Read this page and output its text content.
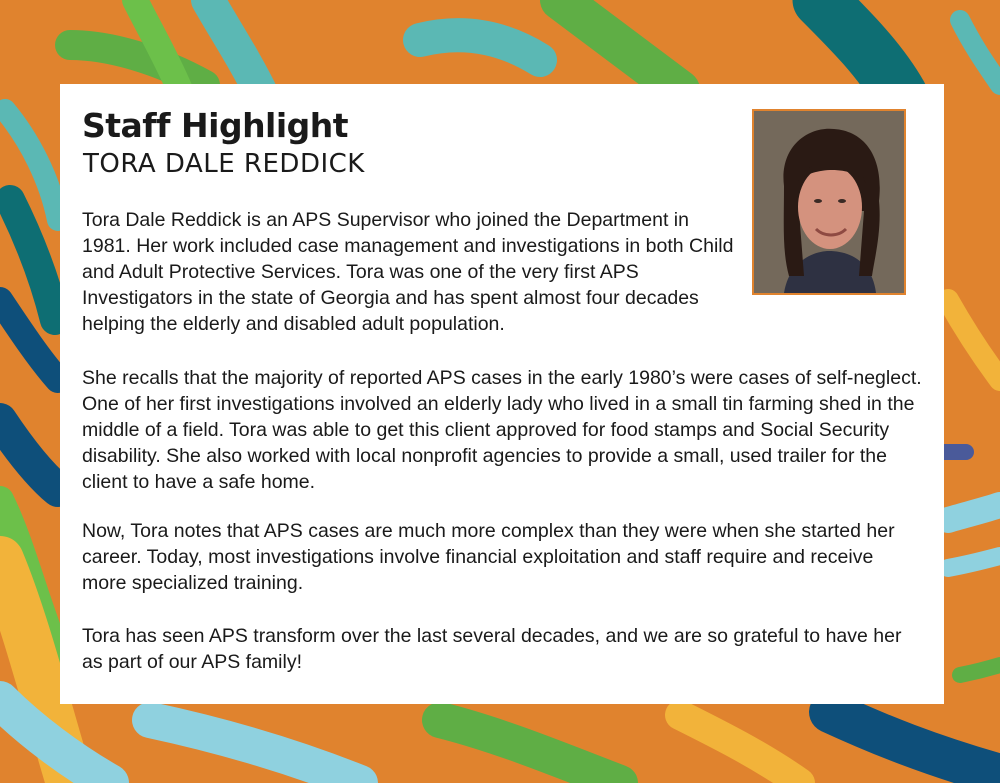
Staff Highlight
TORA DALE REDDICK

Tora Dale Reddick is an APS Supervisor who joined the Department in 1981. Her work included case management and investigations in both Child and Adult Protective Services. Tora was one of the very first APS Investigators in the state of Georgia and has spent almost four decades helping the elderly and disabled adult population.

She recalls that the majority of reported APS cases in the early 1980’s were cases of self-neglect. One of her first investigations involved an elderly lady who lived in a small tin farming shed in the middle of a field. Tora was able to get this client approved for food stamps and Social Security disability. She also worked with local nonprofit agencies to provide a small, used trailer for the client to have a safe home.

Now, Tora notes that APS cases are much more complex than they were when she started her career. Today, most investigations involve financial exploitation and staff require and receive more specialized training.

Tora has seen APS transform over the last several decades, and we are so grateful to have her as part of our APS family!
